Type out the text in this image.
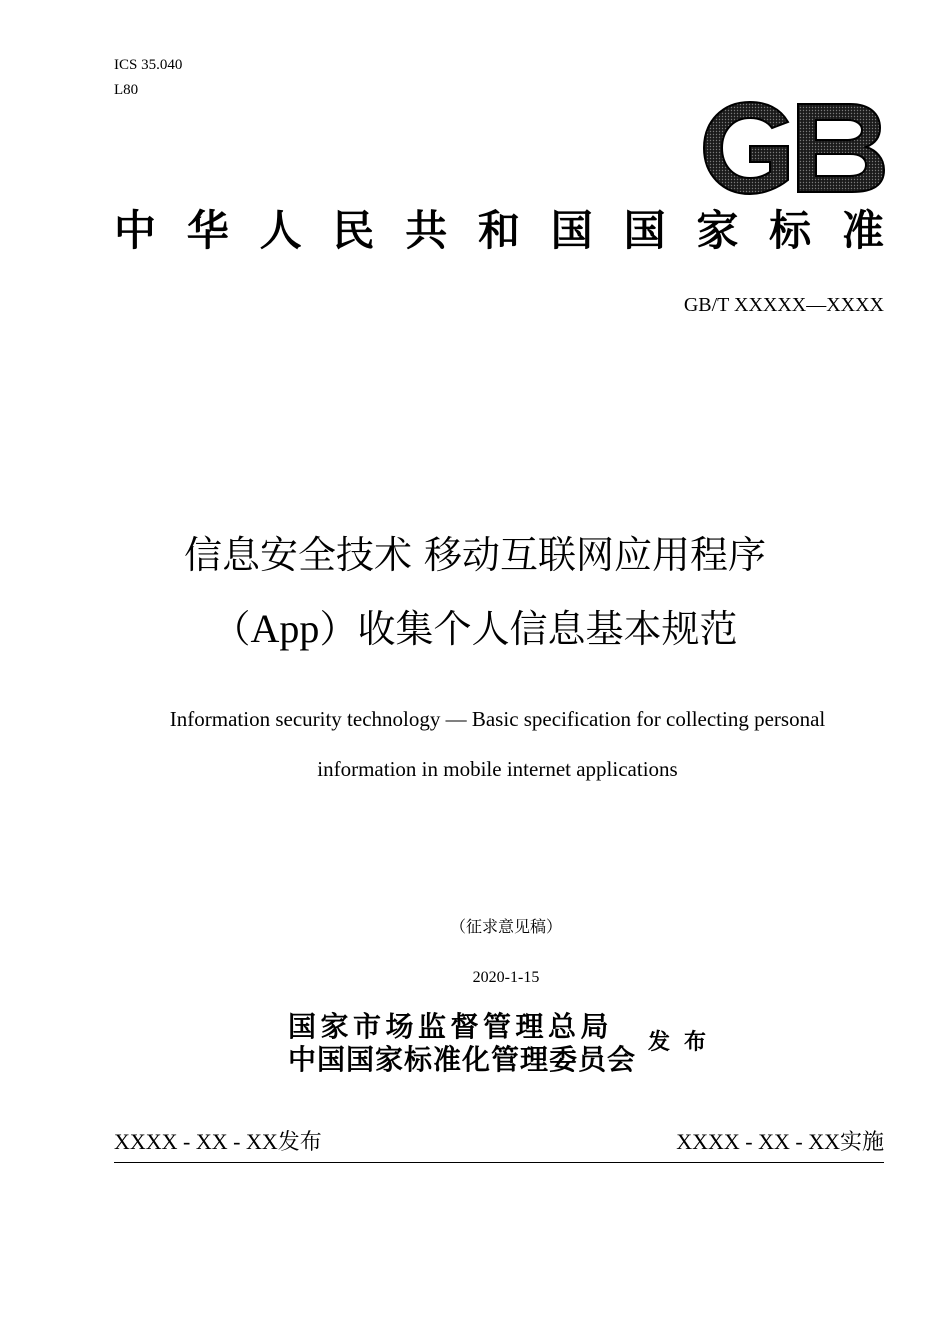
ICS 35.040
L80
中 华 人 民 共 和 国 国 家 标 准
GB/T XXXXX—XXXX
信息安全技术 移动互联网应用程序
（App）收集个人信息基本规范
Information security technology — Basic specification for collecting personal
information in mobile internet applications
（征求意见稿）
2020-1-15
国家市场监督管理总局
中国国家标准化管理委员会
发布
XXXX - XX - XX发布	XXXX - XX - XX实施
